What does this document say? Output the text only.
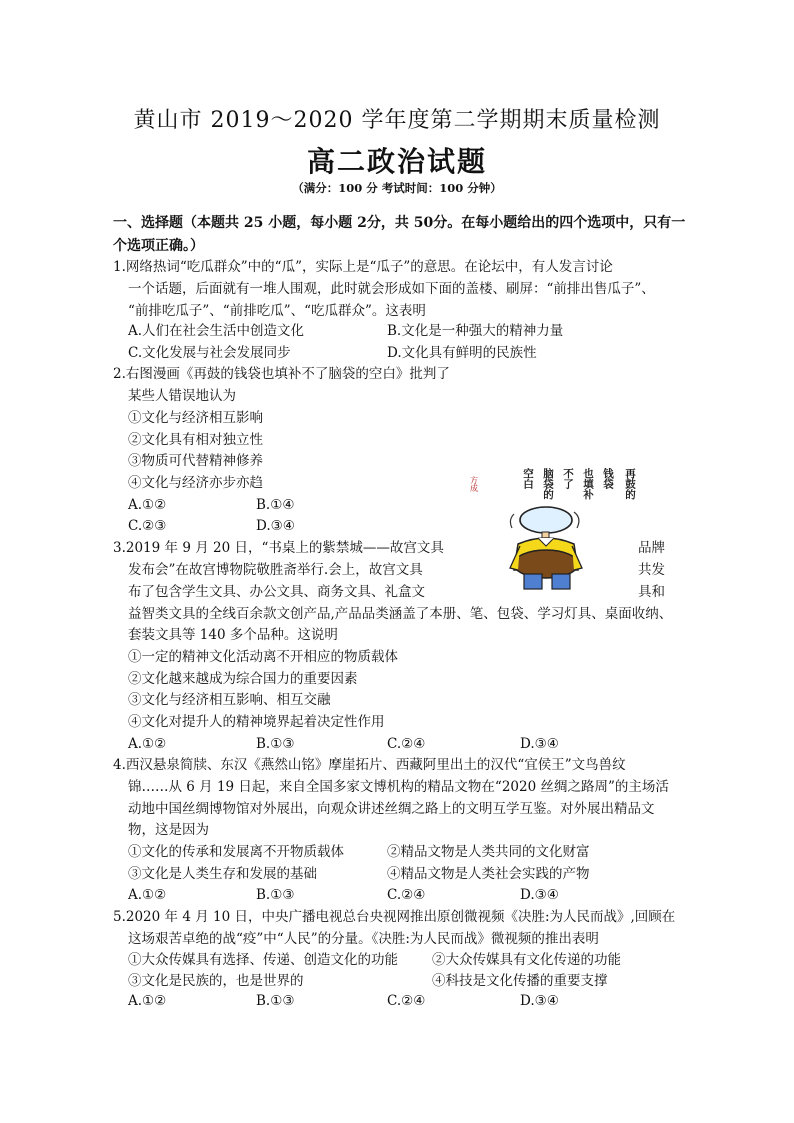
黄山市 2019～2020 学年度第二学期期末质量检测
高二政治试题
（满分：100 分 考试时间：100 分钟）
一、选择题（本题共 25 小题，每小题 2分，共 50分。在每小题给出的四个选项中，只有一
个选项正确。）
1.网络热词“吃瓜群众”中的“瓜”，实际上是“瓜子”的意思。在论坛中，有人发言讨论
一个话题，后面就有一堆人围观，此时就会形成如下面的盖楼、刷屏：“前排出售瓜子”、
“前排吃瓜子”、“前排吃瓜”、“吃瓜群众”。这表明
A.人们在社会生活中创造文化	B.文化是一种强大的精神力量
C.文化发展与社会发展同步	D.文化具有鲜明的民族性
2.右图漫画《再鼓的钱袋也填补不了脑袋的空白》批判了
某些人错误地认为
①文化与经济相互影响
②文化具有相对独立性
③物质可代替精神修养
④文化与经济亦步亦趋
A.①②	B.①④
C.②③	D.③④
方成	再鼓的
钱袋
也填补
不了
脑袋的
空白
3.2019 年 9 月 20 日，“书桌上的紫禁城——故宫文具	品牌
发布会”在故宫博物院敬胜斋举行.会上，故宫文具	共发
布了包含学生文具、办公文具、商务文具、礼盒文	具和
益智类文具的全线百余款文创产品,产品品类涵盖了本册、笔、包袋、学习灯具、桌面收纳、
套装文具等 140 多个品种。这说明
①一定的精神文化活动离不开相应的物质载体
②文化越来越成为综合国力的重要因素
③文化与经济相互影响、相互交融
④文化对提升人的精神境界起着决定性作用
A.①②	B.①③	C.②④	D.③④
4.西汉悬泉简牍、东汉《燕然山铭》摩崖拓片、西藏阿里出土的汉代“宜侯王”文鸟兽纹
锦……从 6 月 19 日起，来自全国多家文博机构的精品文物在“2020 丝绸之路周”的主场活
动地中国丝绸博物馆对外展出，向观众讲述丝绸之路上的文明互学互鉴。对外展出精品文
物，这是因为
①文化的传承和发展离不开物质载体	②精品文物是人类共同的文化财富
③文化是人类生存和发展的基础	④精品文物是人类社会实践的产物
A.①②	B.①③	C.②④	D.③④
5.2020 年 4 月 10 日，中央广播电视总台央视网推出原创微视频《决胜:为人民而战》,回顾在
这场艰苦卓绝的战“疫”中“人民”的分量。《决胜:为人民而战》微视频的推出表明
①大众传媒具有选择、传递、创造文化的功能	②大众传媒具有文化传递的功能
③文化是民族的，也是世界的	④科技是文化传播的重要支撑
A.①②	B.①③	C.②④	D.③④
